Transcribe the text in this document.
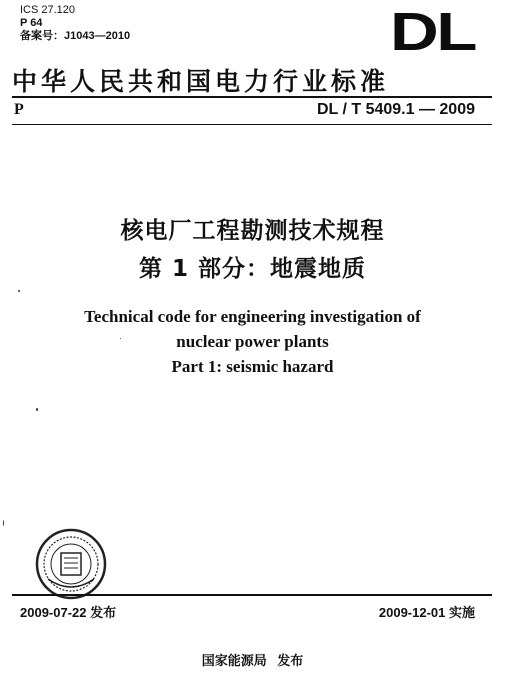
ICS 27.120
P 64
备案号：J1043—2010	DL
中华人民共和国电力行业标准
P	DL / T 5409.1 — 2009
核电厂工程勘测技术规程
第 1 部分：地震地质
Technical code for engineering investigation of
nuclear power plants
Part 1: seismic hazard
2009-07-22 发布	2009-12-01 实施
国家能源局 发布
